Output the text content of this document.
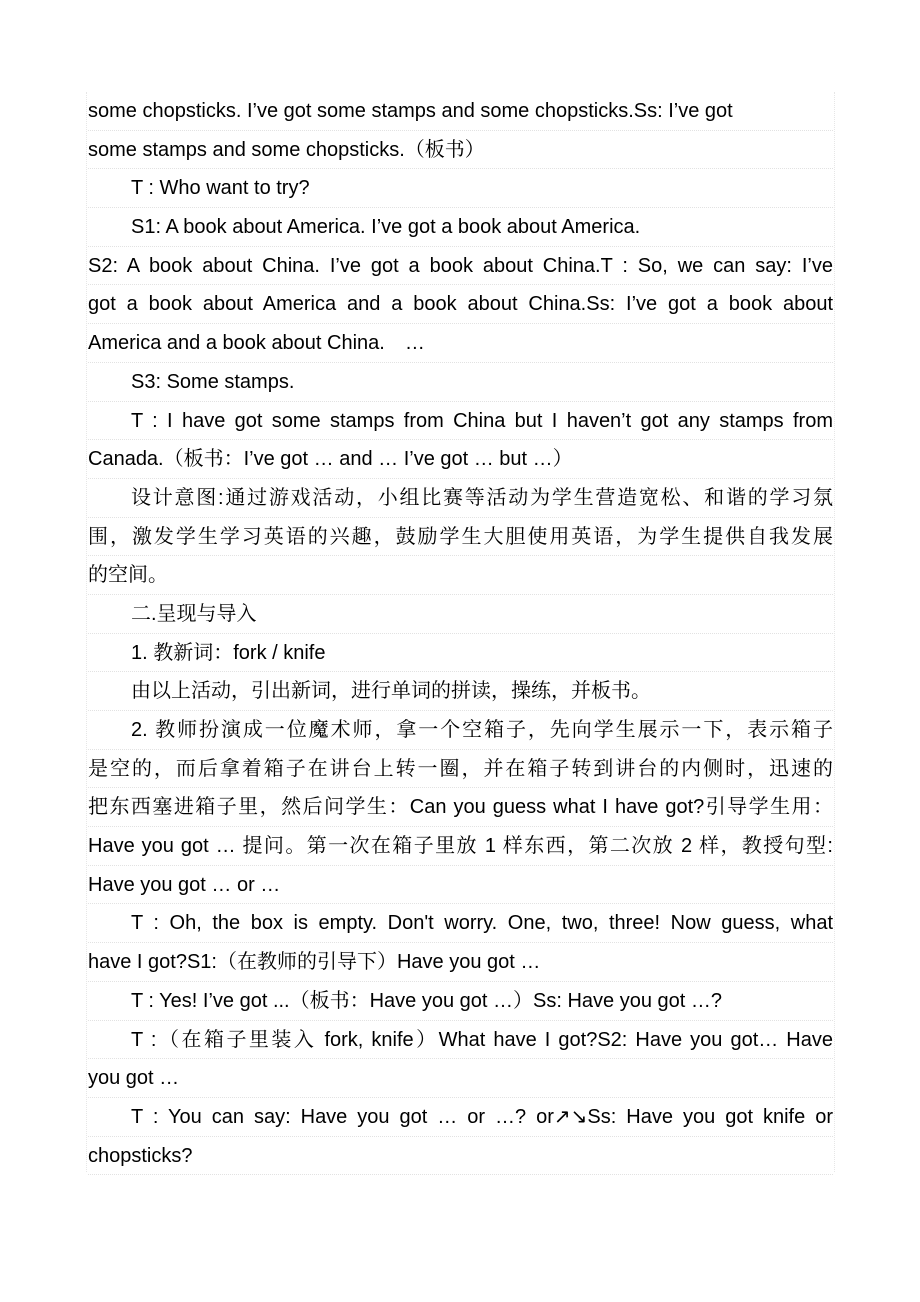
some chopsticks. I’ve got some stamps and some chopsticks.Ss: I’ve got
some stamps and some chopsticks.（板书）
T : Who want to try?
S1: A book about America. I’ve got a book about America.
S2: A book about China. I’ve got a book about China.T : So, we can say: I’ve
got a book about America and a book about China.Ss: I’ve got a book about
America and a book about China.　…
S3: Some stamps.
T : I have got some stamps from China but I haven’t got any stamps from
Canada.（板书：I’ve got … and … I’ve got … but …）
设计意图:通过游戏活动，小组比赛等活动为学生营造宽松、和谐的学习氛
围，激发学生学习英语的兴趣，鼓励学生大胆使用英语，为学生提供自我发展
的空间。
二.呈现与导入
1. 教新词：fork / knife
由以上活动，引出新词，进行单词的拼读，操练，并板书。
2. 教师扮演成一位魔术师，拿一个空箱子，先向学生展示一下，表示箱子
是空的，而后拿着箱子在讲台上转一圈，并在箱子转到讲台的内侧时，迅速的
把东西塞进箱子里，然后问学生：Can you guess what I have got?引导学生用：
Have you got … 提问。第一次在箱子里放 1 样东西，第二次放 2 样，教授句型:
Have you got … or …
T : Oh, the box is empty. Don't worry. One, two, three! Now guess, what
have I got?S1:（在教师的引导下）Have you got …
T : Yes! I’ve got ...（板书：Have you got …）Ss: Have you got …?
T :（在箱子里装入 fork, knife）What have I got?S2: Have you got… Have
you got …
T : You can say: Have you got … or …? or↗↘Ss: Have you got knife or
chopsticks?
